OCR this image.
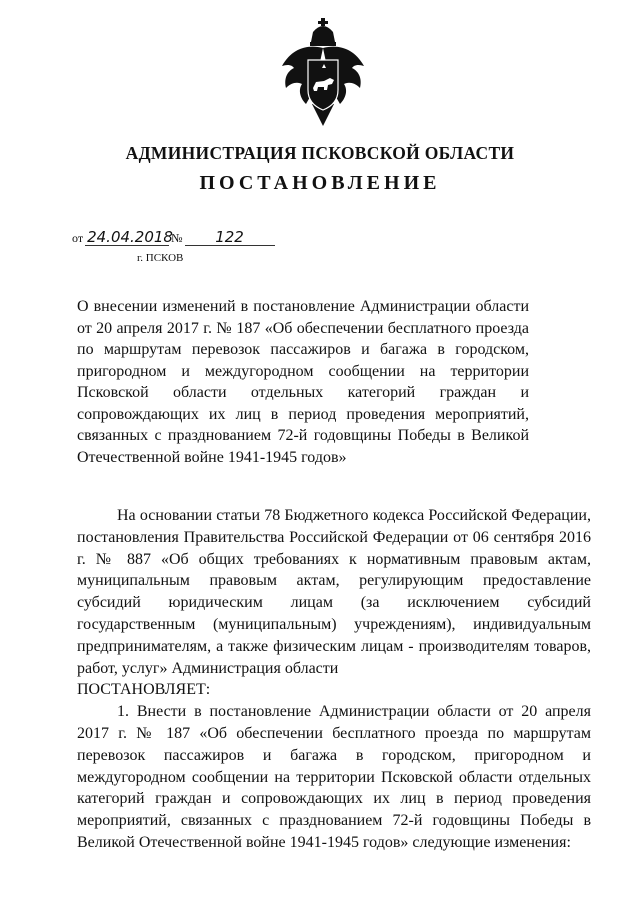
АДМИНИСТРАЦИЯ ПСКОВСКОЙ ОБЛАСТИ
ПОСТАНОВЛЕНИЕ
от 24.04.2018
№	122
г. ПСКОВ

О внесении изменений в постановление Администрации области от 20 апреля 2017 г. № 187 «Об обеспечении бесплатного проезда по маршрутам перевозок пассажиров и багажа в городском, пригородном и междугородном сообщении на территории Псковской области отдельных категорий граждан и сопровождающих их лиц в период проведения мероприятий, связанных с празднованием 72-й годовщины Победы в Великой Отечественной войне 1941-1945 годов»

На основании статьи 78 Бюджетного кодекса Российской Федерации, постановления Правительства Российской Федерации от 06 сентября 2016 г. № 887 «Об общих требованиях к нормативным правовым актам, муниципальным правовым актам, регулирующим предоставление субсидий юридическим лицам (за исключением субсидий государственным (муниципальным) учреждениям), индивидуальным предпринимателям, а также физическим лицам - производителям товаров, работ, услуг» Администрация области

ПОСТАНОВЛЯЕТ:

1. Внести в постановление Администрации области от 20 апреля 2017 г. № 187 «Об обеспечении бесплатного проезда по маршрутам перевозок пассажиров и багажа в городском, пригородном и междугородном сообщении на территории Псковской области отдельных категорий граждан и сопровождающих их лиц в период проведения мероприятий, связанных с празднованием 72-й годовщины Победы в Великой Отечественной войне 1941-1945 годов» следующие изменения:
